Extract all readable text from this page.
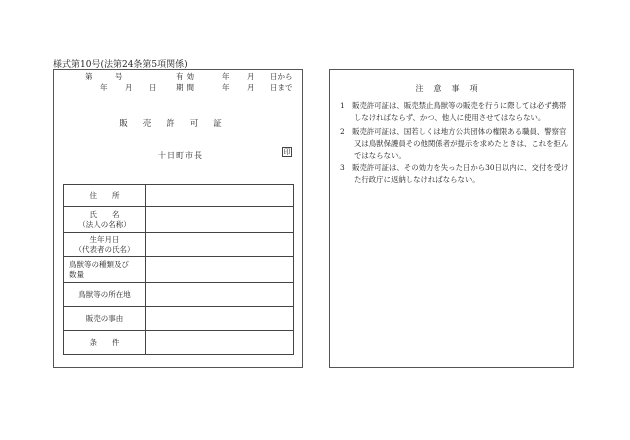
様式第10号(法第24条第5項関係)
第	号	有効	年 月 日から
年 月 日	期間	年 月 日まで
販売許可証
十日町市長	印
住　　所	
氏　　名
（法人の名称）	
生年月日
（代表者の氏名）	
鳥獣等の種類及び
数量	
鳥獣等の所在地	
販売の事由	
条　　件	
注意事項
1　販売許可証は、販売禁止鳥獣等の販売を行うに際しては必ず携帯しなければならず、かつ、他人に使用させてはならない。
2　販売許可証は、国若しくは地方公共団体の権限ある職員、警察官又は鳥獣保護員その他関係者が提示を求めたときは、これを拒んではならない。
3　販売許可証は、その効力を失った日から30日以内に、交付を受けた行政庁に返納しなければならない。
